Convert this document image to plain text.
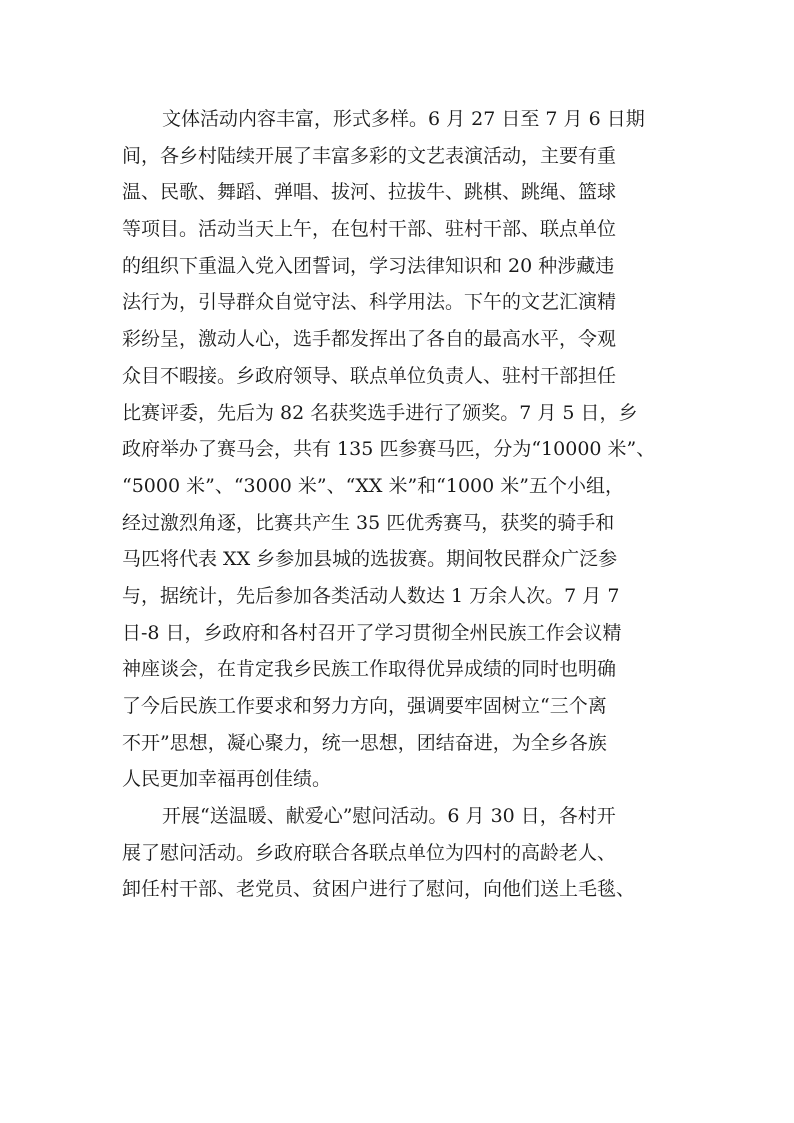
文体活动内容丰富，形式多样。6 月 27 日至 7 月 6 日期
间，各乡村陆续开展了丰富多彩的文艺表演活动，主要有重
温、民歌、舞蹈、弹唱、拔河、拉拔牛、跳棋、跳绳、篮球
等项目。活动当天上午，在包村干部、驻村干部、联点单位
的组织下重温入党入团誓词，学习法律知识和 20 种涉藏违
法行为，引导群众自觉守法、科学用法。下午的文艺汇演精
彩纷呈，激动人心，选手都发挥出了各自的最高水平，令观
众目不暇接。乡政府领导、联点单位负责人、驻村干部担任
比赛评委，先后为 82 名获奖选手进行了颁奖。7 月 5 日，乡
政府举办了赛马会，共有 135 匹参赛马匹，分为“10000 米”、
“5000 米”、“3000 米”、“XX 米”和“1000 米”五个小组，
经过激烈角逐，比赛共产生 35 匹优秀赛马，获奖的骑手和
马匹将代表 XX 乡参加县城的选拔赛。期间牧民群众广泛参
与，据统计，先后参加各类活动人数达 1 万余人次。7 月 7
日-8 日，乡政府和各村召开了学习贯彻全州民族工作会议精
神座谈会，在肯定我乡民族工作取得优异成绩的同时也明确
了今后民族工作要求和努力方向，强调要牢固树立“三个离
不开”思想，凝心聚力，统一思想，团结奋进，为全乡各族
人民更加幸福再创佳绩。
开展“送温暖、献爱心”慰问活动。6 月 30 日，各村开
展了慰问活动。乡政府联合各联点单位为四村的高龄老人、
卸任村干部、老党员、贫困户进行了慰问，向他们送上毛毯、
